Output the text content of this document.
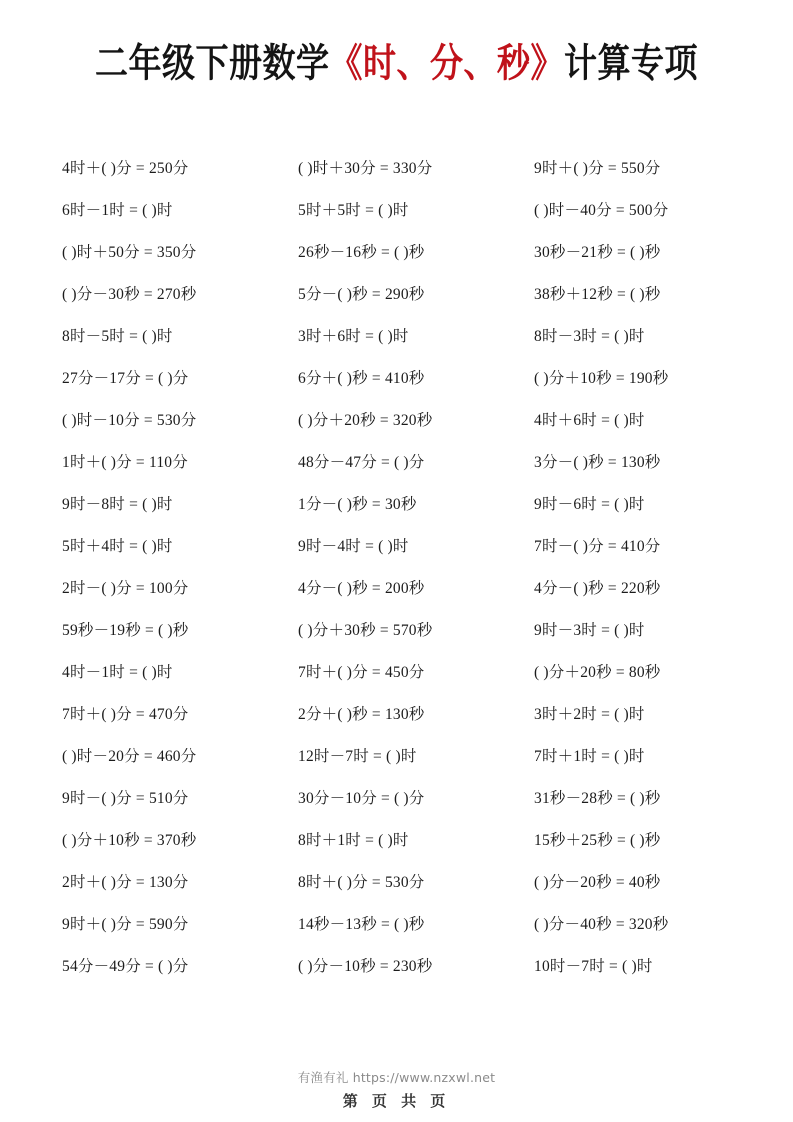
二年级下册数学《时、分、秒》计算专项
4时＋( )分 = 250分
6时－1时 = ( )时
( )时＋50分 = 350分
( )分－30秒 = 270秒
8时－5时 = ( )时
27分－17分 = ( )分
( )时－10分 = 530分
1时＋( )分 = 110分
9时－8时 = ( )时
5时＋4时 = ( )时
2时－( )分 = 100分
59秒－19秒 = ( )秒
4时－1时 = ( )时
7时＋( )分 = 470分
( )时－20分 = 460分
9时－( )分 = 510分
( )分＋10秒 = 370秒
2时＋( )分 = 130分
9时＋( )分 = 590分
54分－49分 = ( )分
( )时＋30分 = 330分
5时＋5时 = ( )时
26秒－16秒 = ( )秒
5分－( )秒 = 290秒
3时＋6时 = ( )时
6分＋( )秒 = 410秒
( )分＋20秒 = 320秒
48分－47分 = ( )分
1分－( )秒 = 30秒
9时－4时 = ( )时
4分－( )秒 = 200秒
( )分＋30秒 = 570秒
7时＋( )分 = 450分
2分＋( )秒 = 130秒
12时－7时 = ( )时
30分－10分 = ( )分
8时＋1时 = ( )时
8时＋( )分 = 530分
14秒－13秒 = ( )秒
( )分－10秒 = 230秒
9时＋( )分 = 550分
( )时－40分 = 500分
30秒－21秒 = ( )秒
38秒＋12秒 = ( )秒
8时－3时 = ( )时
( )分＋10秒 = 190秒
4时＋6时 = ( )时
3分－( )秒 = 130秒
9时－6时 = ( )时
7时－( )分 = 410分
4分－( )秒 = 220秒
9时－3时 = ( )时
( )分＋20秒 = 80秒
3时＋2时 = ( )时
7时＋1时 = ( )时
31秒－28秒 = ( )秒
15秒＋25秒 = ( )秒
( )分－20秒 = 40秒
( )分－40秒 = 320秒
10时－7时 = ( )时
有渔有礼 https://www.nzxwl.net
第 页 共 页
